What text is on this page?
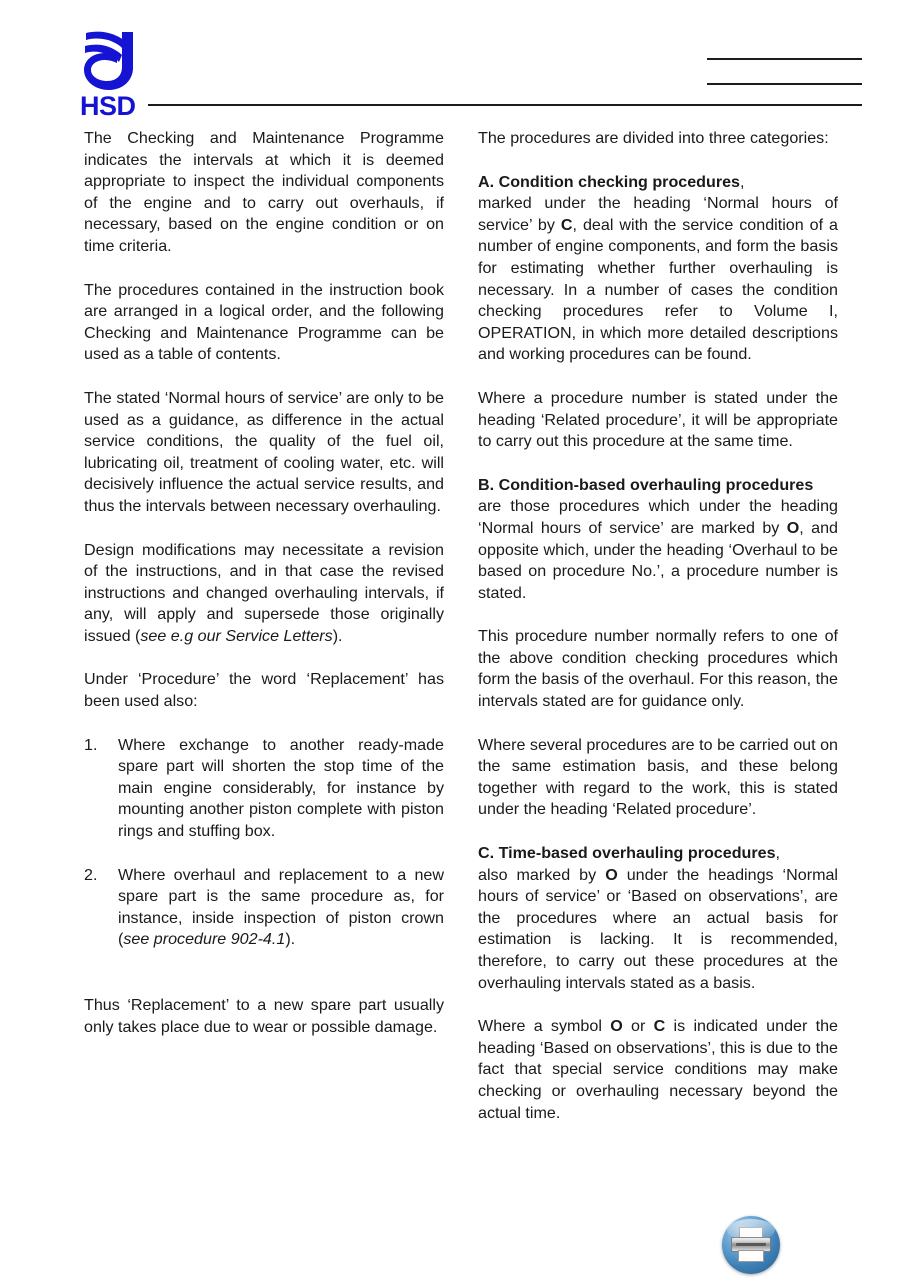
HSD

The Checking and Maintenance Programme indicates the intervals at which it is deemed appropriate to inspect the individual components of the engine and to carry out overhauls, if necessary, based on the engine condition or on time criteria.

The procedures contained in the instruction book are arranged in a logical order, and the following Checking and Maintenance Programme can be used as a table of contents.

The stated ‘Normal hours of service’ are only to be used as a guidance, as difference in the actual service conditions, the quality of the fuel oil, lubricating oil, treatment of cooling water, etc. will decisively influence the actual service results, and thus the intervals between necessary overhauling.

Design modifications may necessitate a revision of the instructions, and in that case the revised instructions and changed overhauling intervals, if any, will apply and supersede those originally issued (see e.g our Service Letters).

Under ‘Procedure’ the word ‘Replacement’ has been used also:

1.	Where exchange to another ready-made spare part will shorten the stop time of the main engine considerably, for instance by mounting another piston complete with piston rings and stuffing box.
2.	Where overhaul and replacement to a new spare part is the same procedure as, for instance, inside inspection of piston crown (see procedure 902-4.1).

Thus ‘Replacement’ to a new spare part usually only takes place due to wear or possible damage.

The procedures are divided into three categories:

A. Condition checking procedures,

marked under the heading ‘Normal hours of service’ by C, deal with the service condition of a number of engine components, and form the basis for estimating whether further overhauling is necessary. In a number of cases the condition checking procedures refer to Volume I, OPERATION, in which more detailed descriptions and working procedures can be found.

Where a procedure number is stated under the heading ‘Related procedure’, it will be appropriate to carry out this procedure at the same time.

B. Condition-based overhauling procedures

are those procedures which under the heading ‘Normal hours of service’ are marked by O, and opposite which, under the heading ‘Overhaul to be based on procedure No.’, a procedure number is stated.

This procedure number normally refers to one of the above condition checking procedures which form the basis of the overhaul. For this reason, the intervals stated are for guidance only.

Where several procedures are to be carried out on the same estimation basis, and these belong together with regard to the work, this is stated under the heading ‘Related procedure’.

C. Time-based overhauling procedures,

also marked by O under the headings ‘Normal hours of service’ or ‘Based on observations’, are the procedures where an actual basis for estimation is lacking. It is recommended, therefore, to carry out these procedures at the overhauling intervals stated as a basis.

Where a symbol O or C is indicated under the heading ‘Based on observations’, this is due to the fact that special service conditions may make checking or overhauling necessary beyond the actual time.
